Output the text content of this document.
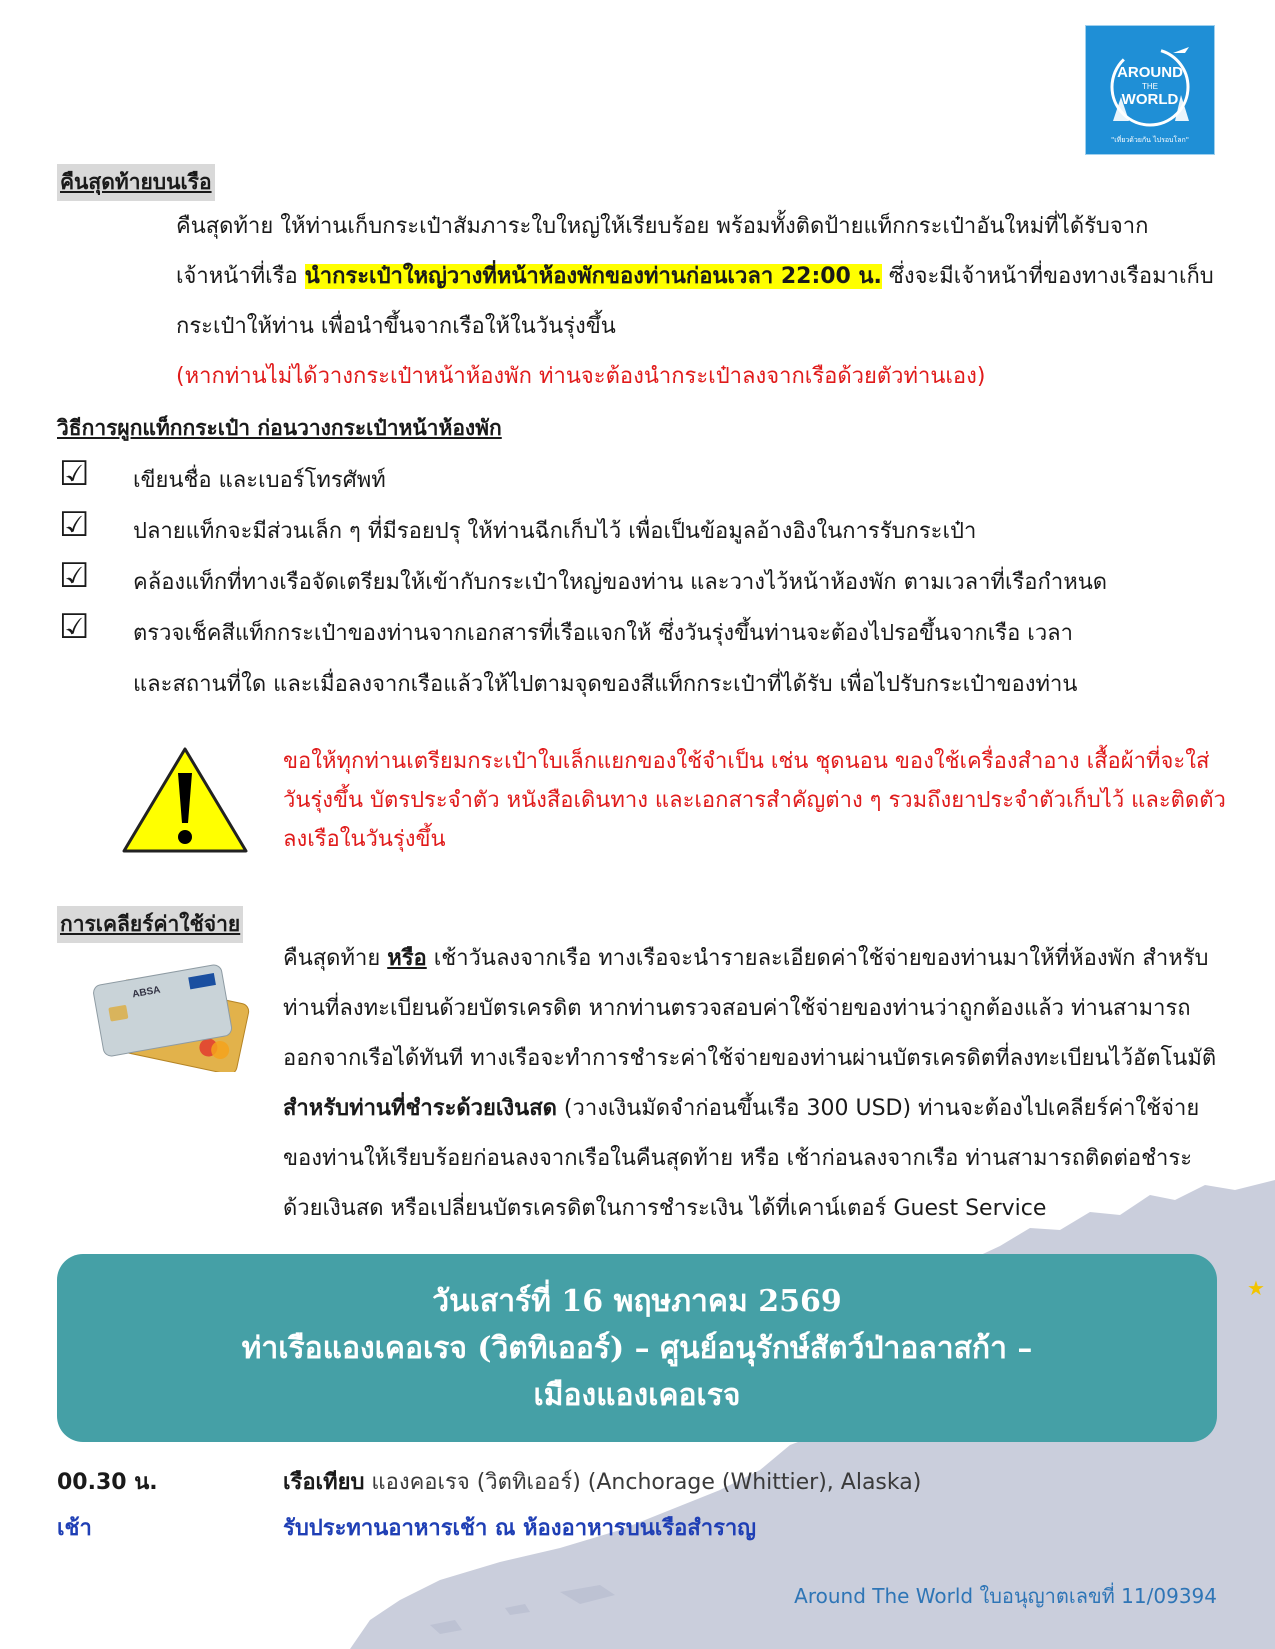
★
AROUND
THE
WORLD
"เที่ยวด้วยกัน ไปรอบโลก"
คืนสุดท้ายบนเรือ
คืนสุดท้าย ให้ท่านเก็บกระเป๋าสัมภาระใบใหญ่ให้เรียบร้อย พร้อมทั้งติดป้ายแท็กกระเป๋าอันใหม่ที่ได้รับจาก
เจ้าหน้าที่เรือ นำกระเป๋าใหญ่วางที่หน้าห้องพักของท่านก่อนเวลา 22:00 น. ซึ่งจะมีเจ้าหน้าที่ของทางเรือมาเก็บ
กระเป๋าให้ท่าน เพื่อนำขึ้นจากเรือให้ในวันรุ่งขึ้น
(หากท่านไม่ได้วางกระเป๋าหน้าห้องพัก ท่านจะต้องนำกระเป๋าลงจากเรือด้วยตัวท่านเอง)
วิธีการผูกแท็กกระเป๋า ก่อนวางกระเป๋าหน้าห้องพัก
☑ เขียนชื่อ และเบอร์โทรศัพท์
☑ ปลายแท็กจะมีส่วนเล็ก ๆ ที่มีรอยปรุ ให้ท่านฉีกเก็บไว้ เพื่อเป็นข้อมูลอ้างอิงในการรับกระเป๋า
☑ คล้องแท็กที่ทางเรือจัดเตรียมให้เข้ากับกระเป๋าใหญ่ของท่าน และวางไว้หน้าห้องพัก ตามเวลาที่เรือกำหนด
☑ ตรวจเช็คสีแท็กกระเป๋าของท่านจากเอกสารที่เรือแจกให้ ซึ่งวันรุ่งขึ้นท่านจะต้องไปรอขึ้นจากเรือ เวลา
และสถานที่ใด และเมื่อลงจากเรือแล้วให้ไปตามจุดของสีแท็กกระเป๋าที่ได้รับ เพื่อไปรับกระเป๋าของท่าน
ขอให้ทุกท่านเตรียมกระเป๋าใบเล็กแยกของใช้จำเป็น เช่น ชุดนอน ของใช้เครื่องสำอาง เสื้อผ้าที่จะใส่
วันรุ่งขึ้น บัตรประจำตัว หนังสือเดินทาง และเอกสารสำคัญต่าง ๆ รวมถึงยาประจำตัวเก็บไว้ และติดตัว
ลงเรือในวันรุ่งขึ้น
การเคลียร์ค่าใช้จ่าย
ABSA
คืนสุดท้าย หรือ เช้าวันลงจากเรือ ทางเรือจะนำรายละเอียดค่าใช้จ่ายของท่านมาให้ที่ห้องพัก สำหรับ
ท่านที่ลงทะเบียนด้วยบัตรเครดิต หากท่านตรวจสอบค่าใช้จ่ายของท่านว่าถูกต้องแล้ว ท่านสามารถ
ออกจากเรือได้ทันที ทางเรือจะทำการชำระค่าใช้จ่ายของท่านผ่านบัตรเครดิตที่ลงทะเบียนไว้อัตโนมัติ
สำหรับท่านที่ชำระด้วยเงินสด (วางเงินมัดจำก่อนขึ้นเรือ 300 USD) ท่านจะต้องไปเคลียร์ค่าใช้จ่าย
ของท่านให้เรียบร้อยก่อนลงจากเรือในคืนสุดท้าย หรือ เช้าก่อนลงจากเรือ ท่านสามารถติดต่อชำระ
ด้วยเงินสด หรือเปลี่ยนบัตรเครดิตในการชำระเงิน ได้ที่เคาน์เตอร์ Guest Service
วันเสาร์ที่ 16 พฤษภาคม 2569
ท่าเรือแองเคอเรจ (วิตทิเออร์) – ศูนย์อนุรักษ์สัตว์ป่าอลาสก้า –
เมืองแองเคอเรจ
00.30 น.	เรือเทียบ แองคอเรจ (วิตทิเออร์) (Anchorage (Whittier), Alaska)
เช้า	รับประทานอาหารเช้า ณ ห้องอาหารบนเรือสำราญ
Around The World ใบอนุญาตเลขที่ 11/09394
